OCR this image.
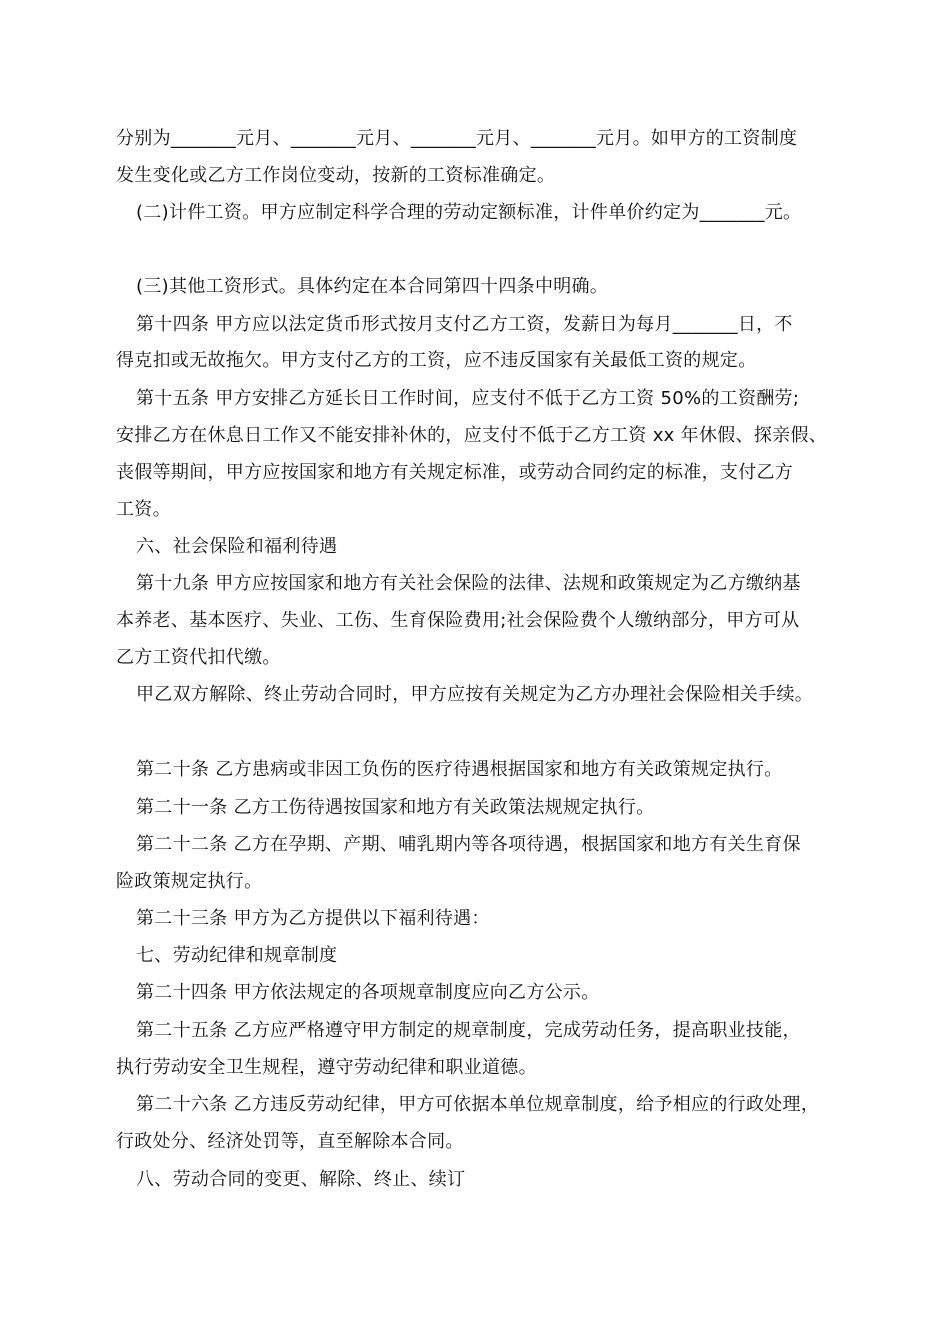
分别为_______元月、_______元月、_______元月、_______元月。如甲方的工资制度
发生变化或乙方工作岗位变动，按新的工资标准确定。
(二)计件工资。甲方应制定科学合理的劳动定额标准，计件单价约定为_______元。
(三)其他工资形式。具体约定在本合同第四十四条中明确。
第十四条 甲方应以法定货币形式按月支付乙方工资，发薪日为每月_______日，不
得克扣或无故拖欠。甲方支付乙方的工资，应不违反国家有关最低工资的规定。
第十五条 甲方安排乙方延长日工作时间，应支付不低于乙方工资 50%的工资酬劳;
安排乙方在休息日工作又不能安排补休的，应支付不低于乙方工资 xx 年休假、探亲假、
丧假等期间，甲方应按国家和地方有关规定标准，或劳动合同约定的标准，支付乙方
工资。
六、社会保险和福利待遇
第十九条 甲方应按国家和地方有关社会保险的法律、法规和政策规定为乙方缴纳基
本养老、基本医疗、失业、工伤、生育保险费用;社会保险费个人缴纳部分，甲方可从
乙方工资代扣代缴。
甲乙双方解除、终止劳动合同时，甲方应按有关规定为乙方办理社会保险相关手续。
第二十条 乙方患病或非因工负伤的医疗待遇根据国家和地方有关政策规定执行。
第二十一条 乙方工伤待遇按国家和地方有关政策法规规定执行。
第二十二条 乙方在孕期、产期、哺乳期内等各项待遇，根据国家和地方有关生育保
险政策规定执行。
第二十三条 甲方为乙方提供以下福利待遇：
七、劳动纪律和规章制度
第二十四条 甲方依法规定的各项规章制度应向乙方公示。
第二十五条 乙方应严格遵守甲方制定的规章制度，完成劳动任务，提高职业技能，
执行劳动安全卫生规程，遵守劳动纪律和职业道德。
第二十六条 乙方违反劳动纪律，甲方可依据本单位规章制度，给予相应的行政处理，
行政处分、经济处罚等，直至解除本合同。
八、劳动合同的变更、解除、终止、续订
